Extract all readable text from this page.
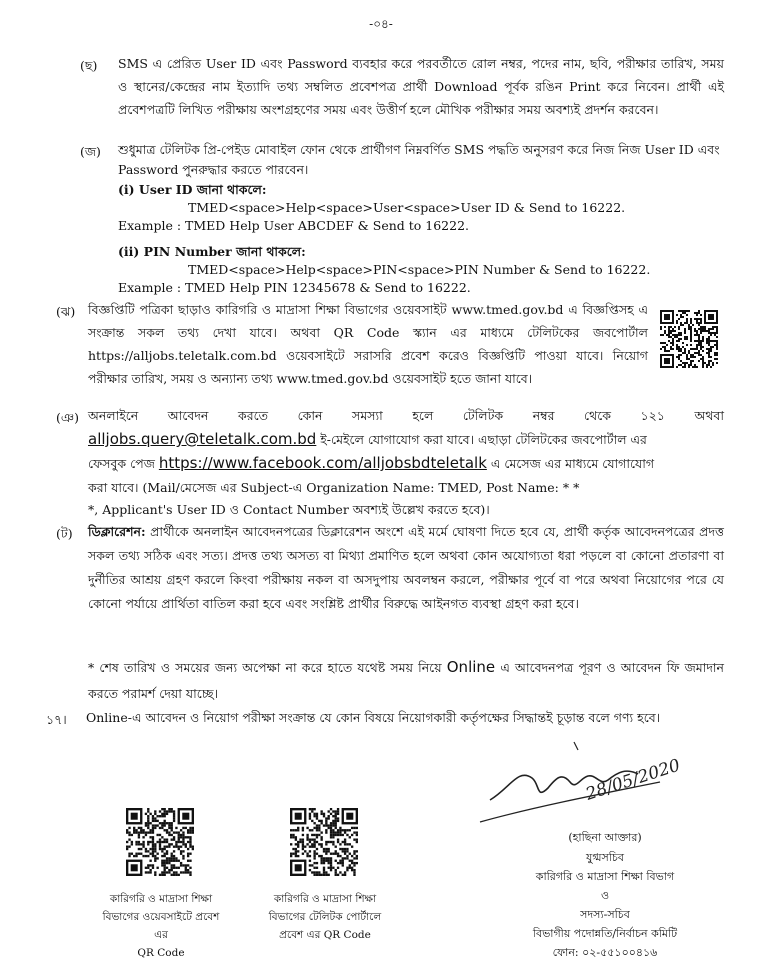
-০৪-
(ছ) SMS এ প্রেরিত User ID এবং Password ব্যবহার করে পরবর্তীতে রোল নম্বর, পদের নাম, ছবি, পরীক্ষার তারিখ, সময় ও স্থানের/কেন্দ্রের নাম ইত্যাদি তথ্য সম্বলিত প্রবেশপত্র প্রার্থী Download পূর্বক রঙিন Print করে নিবেন। প্রার্থী এই প্রবেশপত্রটি লিখিত পরীক্ষায় অংশগ্রহণের সময় এবং উত্তীর্ণ হলে মৌখিক পরীক্ষার সময় অবশ্যই প্রদর্শন করবেন।
(জ) শুধুমাত্র টেলিটক প্রি-পেইড মোবাইল ফোন থেকে প্রার্থীগণ নিম্নবর্ণিত SMS পদ্ধতি অনুসরণ করে নিজ নিজ User ID এবং Password পুনরুদ্ধার করতে পারবেন।
(i) User ID জানা থাকলে:
TMED<space>Help<space>User<space>User ID & Send to 16222.
Example : TMED Help User ABCDEF & Send to 16222.
(ii) PIN Number জানা থাকলে:
TMED<space>Help<space>PIN<space>PIN Number & Send to 16222.
Example : TMED Help PIN 12345678 & Send to 16222.
(ঝ) বিজ্ঞপ্তিটি পত্রিকা ছাড়াও কারিগরি ও মাদ্রাসা শিক্ষা বিভাগের ওয়েবসাইট www.tmed.gov.bd এ বিজ্ঞপ্তিসহ এ সংক্রান্ত সকল তথ্য দেখা যাবে। অথবা QR Code স্ক্যান এর মাধ্যমে টেলিটকের জবপোর্টাল https://alljobs.teletalk.com.bd ওয়েবসাইটে সরাসরি প্রবেশ করেও বিজ্ঞপ্তিটি পাওয়া যাবে। নিয়োগ পরীক্ষার তারিখ, সময় ও অন্যান্য তথ্য www.tmed.gov.bd ওয়েবসাইট হতে জানা যাবে।
(ঞ) অনলাইনে আবেদন করতে কোন সমস্যা হলে টেলিটক নম্বর থেকে ১২১ অথবা
alljobs.query@teletalk.com.bd ই-মেইলে যোগাযোগ করা যাবে। এছাড়া টেলিটকের জবপোর্টাল এর
ফেসবুক পেজ https://www.facebook.com/alljobsbdteletalk এ মেসেজ এর মাধ্যমে যোগাযোগ
করা যাবে। (Mail/মেসেজ এর Subject-এ Organization Name: TMED, Post Name: * *
*, Applicant's User ID ও Contact Number অবশ্যই উল্লেখ করতে হবে)।
(ট) ডিক্লারেশন: প্রার্থীকে অনলাইন আবেদনপত্রের ডিক্লারেশন অংশে এই মর্মে ঘোষণা দিতে হবে যে, প্রার্থী কর্তৃক আবেদনপত্রের প্রদত্ত সকল তথ্য সঠিক এবং সত্য। প্রদত্ত তথ্য অসত্য বা মিথ্যা প্রমাণিত হলে অথবা কোন অযোগ্যতা ধরা পড়লে বা কোনো প্রতারণা বা দুর্নীতির আশ্রয় গ্রহণ করলে কিংবা পরীক্ষায় নকল বা অসদুপায় অবলম্বন করলে, পরীক্ষার পূর্বে বা পরে অথবা নিয়োগের পরে যে কোনো পর্যায়ে প্রার্থিতা বাতিল করা হবে এবং সংশ্লিষ্ট প্রার্থীর বিরুদ্ধে আইনগত ব্যবস্থা গ্রহণ করা হবে।
* শেষ তারিখ ও সময়ের জন্য অপেক্ষা না করে হাতে যথেষ্ট সময় নিয়ে Online এ আবেদনপত্র পূরণ ও আবেদন ফি জমাদান করতে পরামর্শ দেয়া যাচ্ছে।
১৭। Online-এ আবেদন ও নিয়োগ পরীক্ষা সংক্রান্ত যে কোন বিষয়ে নিয়োগকারী কর্তৃপক্ষের সিদ্ধান্তই চূড়ান্ত বলে গণ্য হবে।
28/05/2020
(হাছিনা আক্তার)
যুগ্মসচিব
কারিগরি ও মাদ্রাসা শিক্ষা বিভাগ
ও
সদস্য-সচিব
বিভাগীয় পদোন্নতি/নির্বাচন কমিটি
ফোন: ০২-৫৫১০০৪১৬
কারিগরি ও মাদ্রাসা শিক্ষা
বিভাগের ওয়েবসাইটে প্রবেশ এর
QR Code
কারিগরি ও মাদ্রাসা শিক্ষা
বিভাগের টেলিটক পোর্টালে
প্রবেশ এর QR Code
